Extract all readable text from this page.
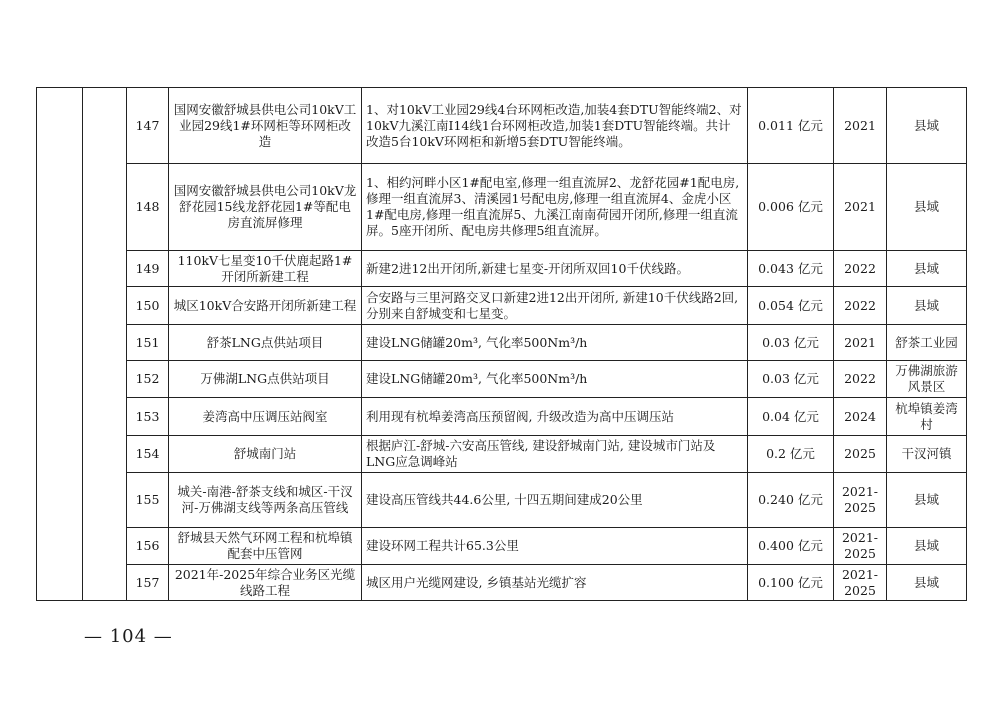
		147	国网安徽舒城县供电公司10kV工业园29线1#环网柜等环网柜改造	1、对10kV工业园29线4台环网柜改造,加装4套DTU智能终端2、对10kV九溪江南Ⅰ14线1台环网柜改造,加装1套DTU智能终端。共计改造5台10kV环网柜和新增5套DTU智能终端。	0.011 亿元	2021	县域
		148	国网安徽舒城县供电公司10kV龙舒花园15线龙舒花园1#等配电房直流屏修理	1、相约河畔小区1#配电室,修理一组直流屏2、龙舒花园#1配电房,修理一组直流屏3、清溪园1号配电房,修理一组直流屏4、金虎小区1#配电房,修理一组直流屏5、九溪江南南荷园开闭所,修理一组直流屏。5座开闭所、配电房共修理5组直流屏。	0.006 亿元	2021	县域
		149	110kV七星变10千伏鹿起路1#开闭所新建工程	新建2进12出开闭所,新建七星变-开闭所双回10千伏线路。	0.043 亿元	2022	县域
		150	城区10kV合安路开闭所新建工程	合安路与三里河路交叉口新建2进12出开闭所, 新建10千伏线路2回, 分别来自舒城变和七星变。	0.054 亿元	2022	县域
		151	舒茶LNG点供站项目	建设LNG储罐20m³, 气化率500Nm³/h	0.03 亿元	2021	舒茶工业园
		152	万佛湖LNG点供站项目	建设LNG储罐20m³, 气化率500Nm³/h	0.03 亿元	2022	万佛湖旅游风景区
		153	姜湾高中压调压站阀室	利用现有杭埠姜湾高压预留阀, 升级改造为高中压调压站	0.04 亿元	2024	杭埠镇姜湾村
		154	舒城南门站	根据庐江-舒城-六安高压管线, 建设舒城南门站, 建设城市门站及LNG应急调峰站	0.2 亿元	2025	干汊河镇
		155	城关-南港-舒茶支线和城区-干汊河-万佛湖支线等两条高压管线	建设高压管线共44.6公里, 十四五期间建成20公里	0.240 亿元	2021-2025	县域
		156	舒城县天然气环网工程和杭埠镇配套中压管网	建设环网工程共计65.3公里	0.400 亿元	2021-2025	县域
		157	2021年-2025年综合业务区光缆线路工程	城区用户光缆网建设, 乡镇基站光缆扩容	0.100 亿元	2021-2025	县域
— 104 —
